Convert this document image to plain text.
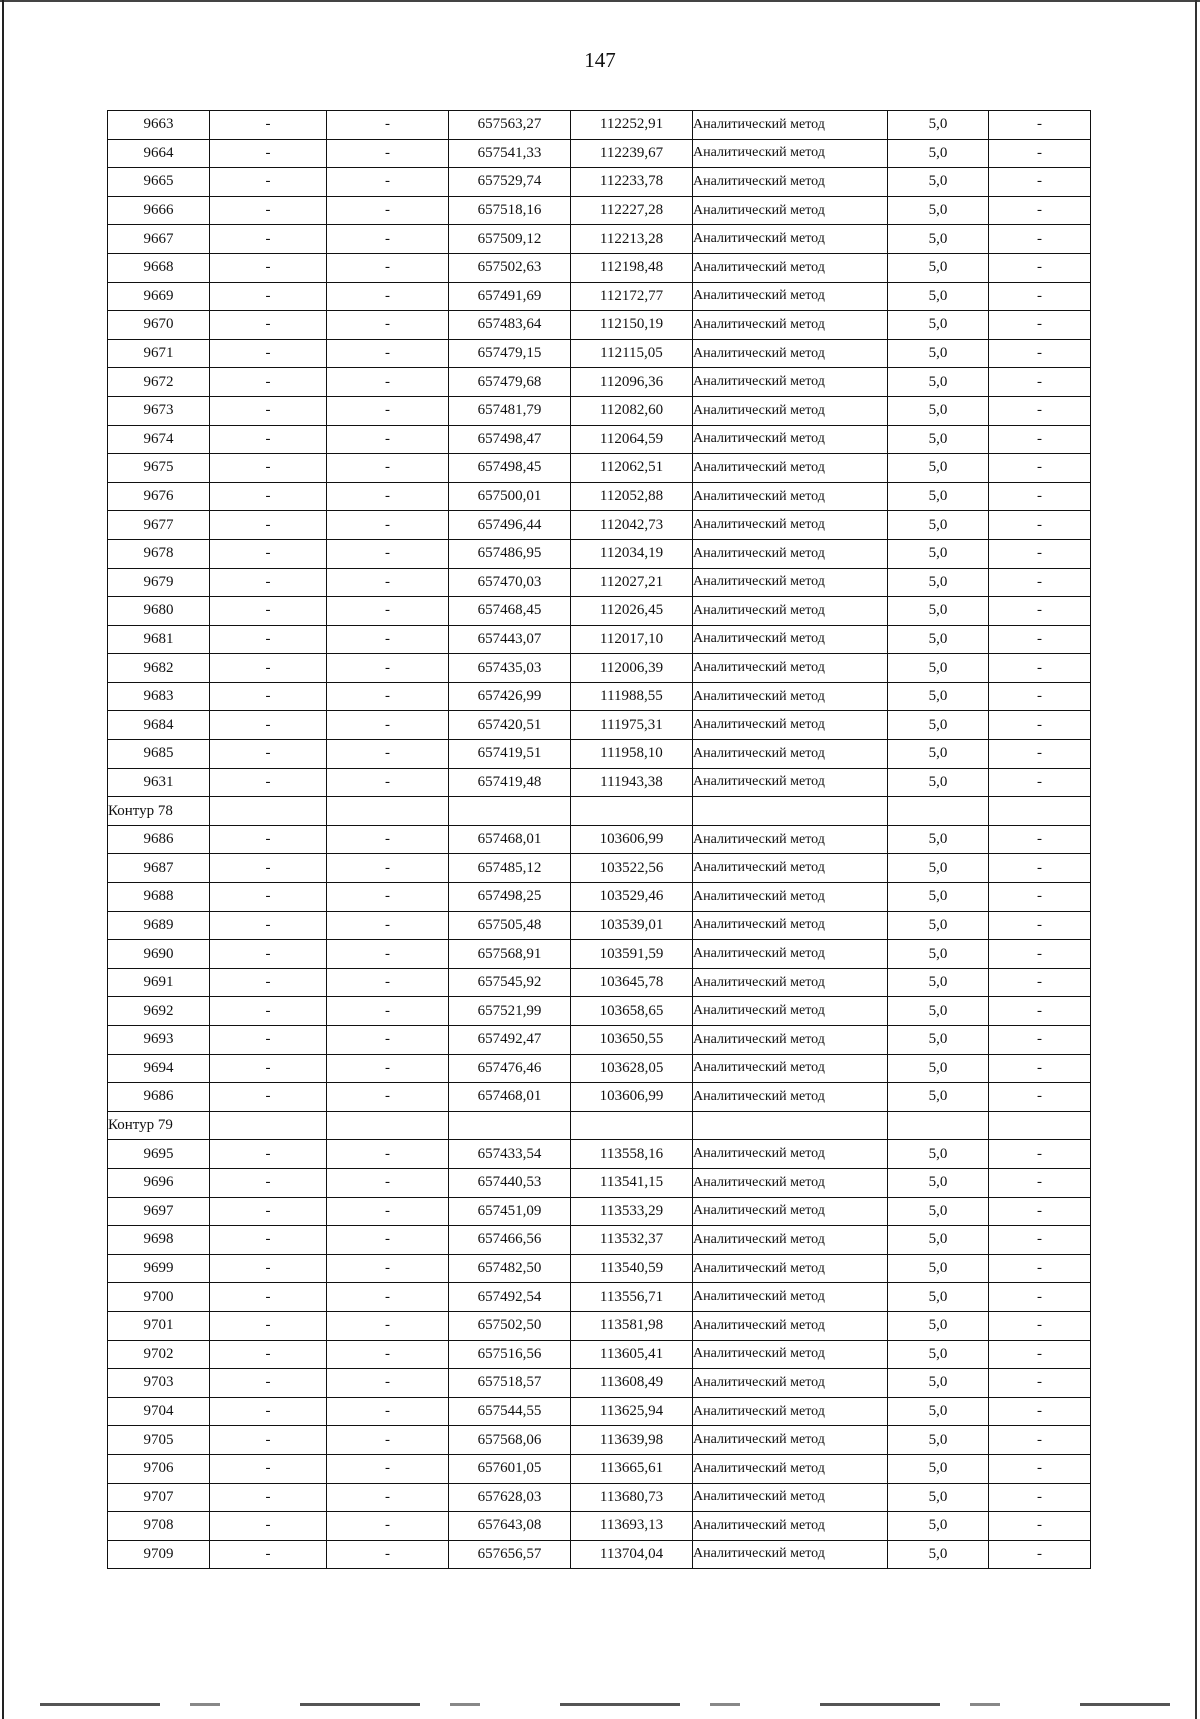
147
9663	-	-	657563,27	112252,91	Аналитический метод	5,0	-
9664	-	-	657541,33	112239,67	Аналитический метод	5,0	-
9665	-	-	657529,74	112233,78	Аналитический метод	5,0	-
9666	-	-	657518,16	112227,28	Аналитический метод	5,0	-
9667	-	-	657509,12	112213,28	Аналитический метод	5,0	-
9668	-	-	657502,63	112198,48	Аналитический метод	5,0	-
9669	-	-	657491,69	112172,77	Аналитический метод	5,0	-
9670	-	-	657483,64	112150,19	Аналитический метод	5,0	-
9671	-	-	657479,15	112115,05	Аналитический метод	5,0	-
9672	-	-	657479,68	112096,36	Аналитический метод	5,0	-
9673	-	-	657481,79	112082,60	Аналитический метод	5,0	-
9674	-	-	657498,47	112064,59	Аналитический метод	5,0	-
9675	-	-	657498,45	112062,51	Аналитический метод	5,0	-
9676	-	-	657500,01	112052,88	Аналитический метод	5,0	-
9677	-	-	657496,44	112042,73	Аналитический метод	5,0	-
9678	-	-	657486,95	112034,19	Аналитический метод	5,0	-
9679	-	-	657470,03	112027,21	Аналитический метод	5,0	-
9680	-	-	657468,45	112026,45	Аналитический метод	5,0	-
9681	-	-	657443,07	112017,10	Аналитический метод	5,0	-
9682	-	-	657435,03	112006,39	Аналитический метод	5,0	-
9683	-	-	657426,99	111988,55	Аналитический метод	5,0	-
9684	-	-	657420,51	111975,31	Аналитический метод	5,0	-
9685	-	-	657419,51	111958,10	Аналитический метод	5,0	-
9631	-	-	657419,48	111943,38	Аналитический метод	5,0	-
Контур 78							
9686	-	-	657468,01	103606,99	Аналитический метод	5,0	-
9687	-	-	657485,12	103522,56	Аналитический метод	5,0	-
9688	-	-	657498,25	103529,46	Аналитический метод	5,0	-
9689	-	-	657505,48	103539,01	Аналитический метод	5,0	-
9690	-	-	657568,91	103591,59	Аналитический метод	5,0	-
9691	-	-	657545,92	103645,78	Аналитический метод	5,0	-
9692	-	-	657521,99	103658,65	Аналитический метод	5,0	-
9693	-	-	657492,47	103650,55	Аналитический метод	5,0	-
9694	-	-	657476,46	103628,05	Аналитический метод	5,0	-
9686	-	-	657468,01	103606,99	Аналитический метод	5,0	-
Контур 79							
9695	-	-	657433,54	113558,16	Аналитический метод	5,0	-
9696	-	-	657440,53	113541,15	Аналитический метод	5,0	-
9697	-	-	657451,09	113533,29	Аналитический метод	5,0	-
9698	-	-	657466,56	113532,37	Аналитический метод	5,0	-
9699	-	-	657482,50	113540,59	Аналитический метод	5,0	-
9700	-	-	657492,54	113556,71	Аналитический метод	5,0	-
9701	-	-	657502,50	113581,98	Аналитический метод	5,0	-
9702	-	-	657516,56	113605,41	Аналитический метод	5,0	-
9703	-	-	657518,57	113608,49	Аналитический метод	5,0	-
9704	-	-	657544,55	113625,94	Аналитический метод	5,0	-
9705	-	-	657568,06	113639,98	Аналитический метод	5,0	-
9706	-	-	657601,05	113665,61	Аналитический метод	5,0	-
9707	-	-	657628,03	113680,73	Аналитический метод	5,0	-
9708	-	-	657643,08	113693,13	Аналитический метод	5,0	-
9709	-	-	657656,57	113704,04	Аналитический метод	5,0	-
